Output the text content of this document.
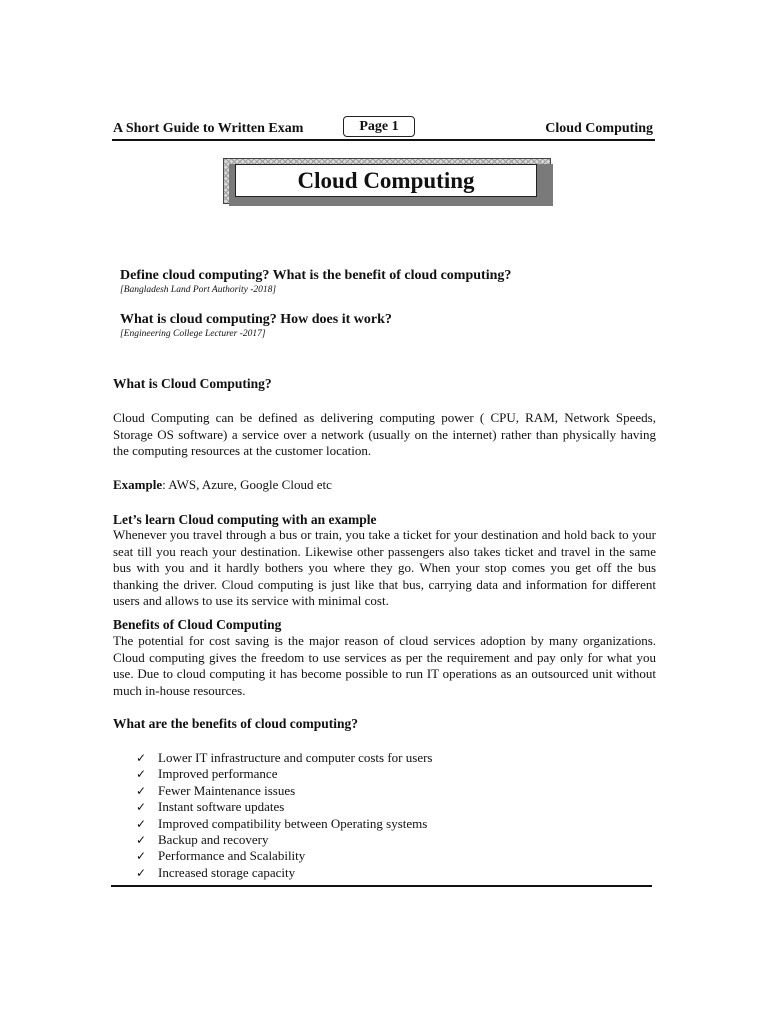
A Short Guide to Written Exam	Page 1	Cloud Computing
Cloud Computing
Define cloud computing? What is the benefit of cloud computing?
[Bangladesh Land Port Authority -2018]
What is cloud computing? How does it work?
[Engineering College Lecturer -2017]
What is Cloud Computing?
Cloud Computing can be defined as delivering computing power ( CPU, RAM, Network Speeds, Storage OS software) a service over a network (usually on the internet) rather than physically having the computing resources at the customer location.
Example: AWS, Azure, Google Cloud etc
Let’s learn Cloud computing with an example
Whenever you travel through a bus or train, you take a ticket for your destination and hold back to your seat till you reach your destination. Likewise other passengers also takes ticket and travel in the same bus with you and it hardly bothers you where they go. When your stop comes you get off the bus thanking the driver. Cloud computing is just like that bus, carrying data and information for different users and allows to use its service with minimal cost.
Benefits of Cloud Computing
The potential for cost saving is the major reason of cloud services adoption by many organizations. Cloud computing gives the freedom to use services as per the requirement and pay only for what you use. Due to cloud computing it has become possible to run IT operations as an outsourced unit without much in-house resources.
What are the benefits of cloud computing?
✓ Lower IT infrastructure and computer costs for users
✓ Improved performance
✓ Fewer Maintenance issues
✓ Instant software updates
✓ Improved compatibility between Operating systems
✓ Backup and recovery
✓ Performance and Scalability
✓ Increased storage capacity
